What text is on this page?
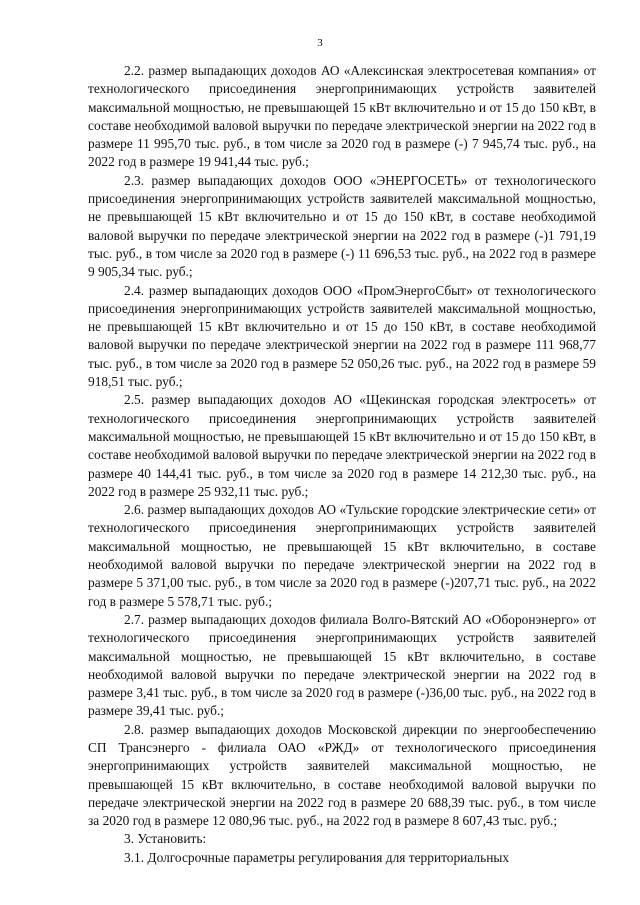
3

2.2. размер выпадающих доходов АО «Алексинская электросетевая компания» от технологического присоединения энергопринимающих устройств заявителей максимальной мощностью, не превышающей 15 кВт включительно и от 15 до 150 кВт, в составе необходимой валовой выручки по передаче электрической энергии на 2022 год в размере 11 995,70 тыс. руб., в том числе за 2020 год в размере (-) 7 945,74 тыс. руб., на 2022 год в размере 19 941,44 тыс. руб.;

2.3. размер выпадающих доходов ООО «ЭНЕРГОСЕТЬ» от технологического присоединения энергопринимающих устройств заявителей максимальной мощностью, не превышающей 15 кВт включительно и от 15 до 150 кВт, в составе необходимой валовой выручки по передаче электрической энергии на 2022 год в размере (-)1 791,19 тыс. руб., в том числе за 2020 год в размере (-) 11 696,53 тыс. руб., на 2022 год в размере 9 905,34 тыс. руб.;

2.4. размер выпадающих доходов ООО «ПромЭнергоСбыт» от технологического присоединения энергопринимающих устройств заявителей максимальной мощностью, не превышающей 15 кВт включительно и от 15 до 150 кВт, в составе необходимой валовой выручки по передаче электрической энергии на 2022 год в размере 111 968,77 тыс. руб., в том числе за 2020 год в размере 52 050,26 тыс. руб., на 2022 год в размере 59 918,51 тыс. руб.;

2.5. размер выпадающих доходов АО «Щекинская городская электросеть» от технологического присоединения энергопринимающих устройств заявителей максимальной мощностью, не превышающей 15 кВт включительно и от 15 до 150 кВт, в составе необходимой валовой выручки по передаче электрической энергии на 2022 год в размере 40 144,41 тыс. руб., в том числе за 2020 год в размере 14 212,30 тыс. руб., на 2022 год в размере 25 932,11 тыс. руб.;

2.6. размер выпадающих доходов АО «Тульские городские электрические сети» от технологического присоединения энергопринимающих устройств заявителей максимальной мощностью, не превышающей 15 кВт включительно, в составе необходимой валовой выручки по передаче электрической энергии на 2022 год в размере 5 371,00 тыс. руб., в том числе за 2020 год в размере (-)207,71 тыс. руб., на 2022 год в размере 5 578,71 тыс. руб.;

2.7. размер выпадающих доходов филиала Волго-Вятский АО «Оборонэнерго» от технологического присоединения энергопринимающих устройств заявителей максимальной мощностью, не превышающей 15 кВт включительно, в составе необходимой валовой выручки по передаче электрической энергии на 2022 год в размере 3,41 тыс. руб., в том числе за 2020 год в размере (-)36,00 тыс. руб., на 2022 год в размере 39,41 тыс. руб.;

2.8. размер выпадающих доходов Московской дирекции по энергообеспечению СП Трансэнерго - филиала ОАО «РЖД» от технологического присоединения энергопринимающих устройств заявителей максимальной мощностью, не превышающей 15 кВт включительно, в составе необходимой валовой выручки по передаче электрической энергии на 2022 год в размере 20 688,39 тыс. руб., в том числе за 2020 год в размере 12 080,96 тыс. руб., на 2022 год в размере 8 607,43 тыс. руб.;

3. Установить:

3.1. Долгосрочные параметры регулирования для территориальных
